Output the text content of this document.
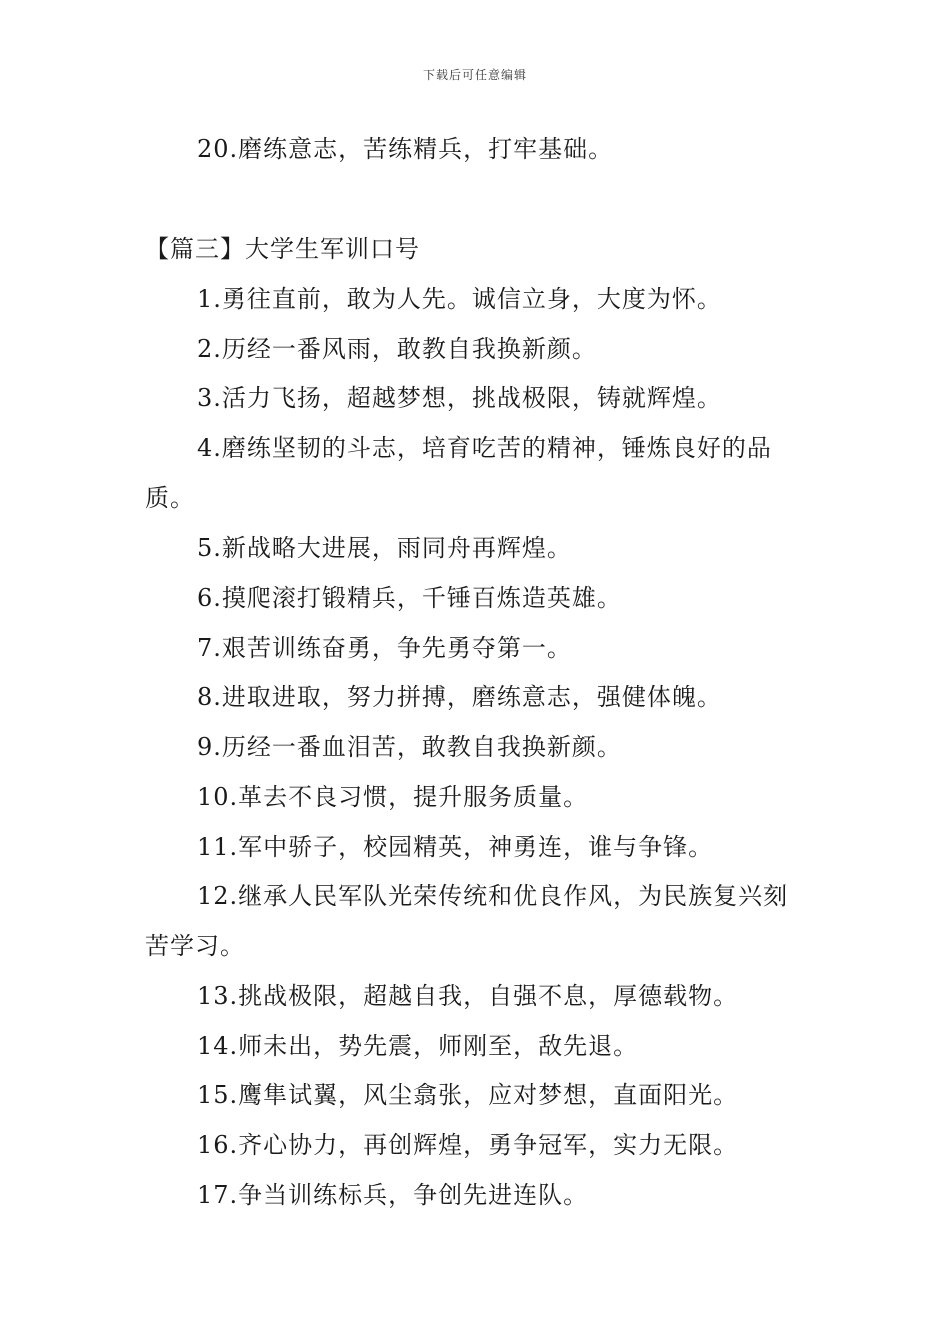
下载后可任意编辑
20.磨练意志，苦练精兵，打牢基础。
【篇三】大学生军训口号
1.勇往直前，敢为人先。诚信立身，大度为怀。
2.历经一番风雨，敢教自我换新颜。
3.活力飞扬，超越梦想，挑战极限，铸就辉煌。
4.磨练坚韧的斗志，培育吃苦的精神，锤炼良好的品
质。
5.新战略大进展，雨同舟再辉煌。
6.摸爬滚打锻精兵，千锤百炼造英雄。
7.艰苦训练奋勇，争先勇夺第一。
8.进取进取，努力拼搏，磨练意志，强健体魄。
9.历经一番血泪苦，敢教自我换新颜。
10.革去不良习惯，提升服务质量。
11.军中骄子，校园精英，神勇连，谁与争锋。
12.继承人民军队光荣传统和优良作风，为民族复兴刻
苦学习。
13.挑战极限，超越自我，自强不息，厚德载物。
14.师未出，势先震，师刚至，敌先退。
15.鹰隼试翼，风尘翕张，应对梦想，直面阳光。
16.齐心协力，再创辉煌，勇争冠军，实力无限。
17.争当训练标兵，争创先进连队。
